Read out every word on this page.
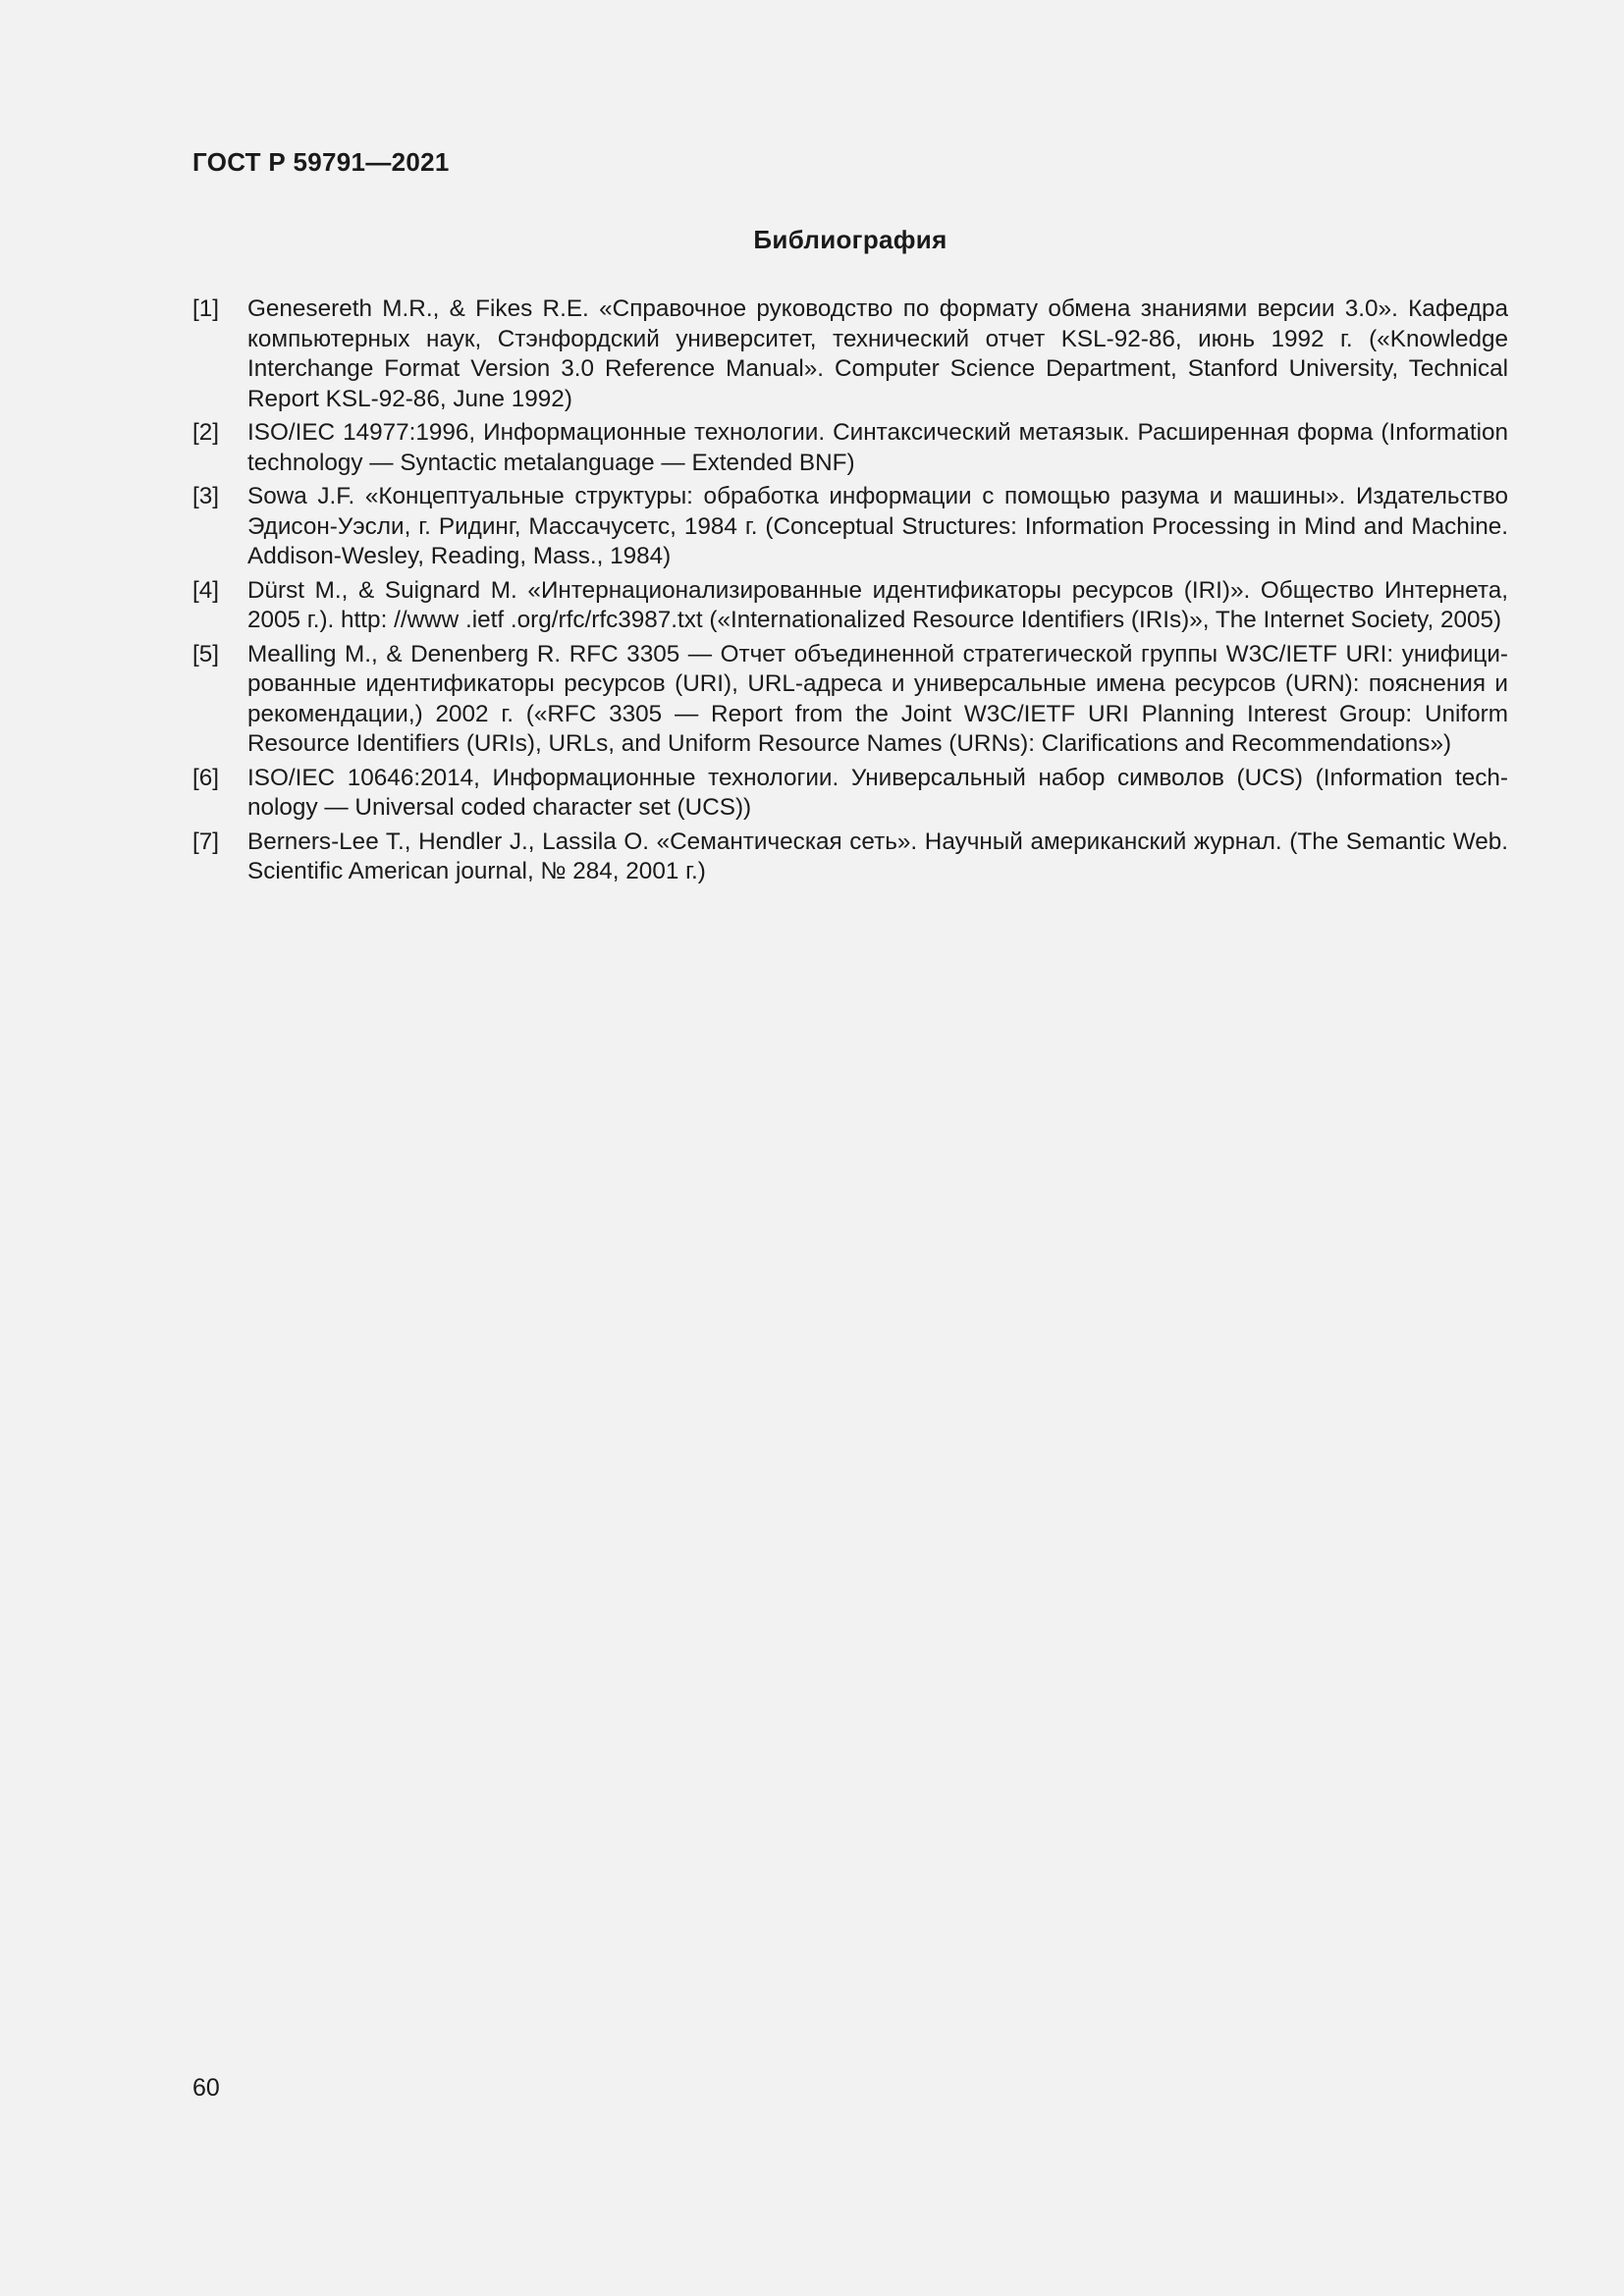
ГОСТ Р 59791—2021
Библиография
[1]	Genesereth M.R., & Fikes R.E. «Справочное руководство по формату обмена знаниями версии 3.0». Кафедра компьютерных наук, Стэнфордский университет, технический отчет KSL-92-86, июнь 1992 г. («Knowledge Interchange Format Version 3.0 Reference Manual». Computer Science Department, Stanford University, Technical Report KSL-92-86, June 1992)
[2]	ISO/IEC 14977:1996, Информационные технологии. Синтаксический метаязык. Расширенная форма (Information technology — Syntactic metalanguage — Extended BNF)
[3]	Sowa J.F. «Концептуальные структуры: обработка информации с помощью разума и машины». Издательство Эдисон-Уэсли, г. Ридинг, Массачусетс, 1984 г. (Conceptual Structures: Information Processing in Mind and Machine. Addison-Wesley, Reading, Mass., 1984)
[4]	Dürst M., & Suignard M. «Интернационализированные идентификаторы ресурсов (IRI)». Общество Интернета, 2005 г.). http: //www .ietf .org/rfc/rfc3987.txt («Internationalized Resource Identifiers (IRIs)», The Internet Society, 2005)
[5]	Mealling M., & Denenberg R. RFC 3305 — Отчет объединенной стратегической группы W3C/IETF URI: унифицированные идентификаторы ресурсов (URI), URL-адреса и универсальные имена ресурсов (URN): пояснения и рекомендации,) 2002 г. («RFC 3305 — Report from the Joint W3C/IETF URI Planning Interest Group: Uniform Resource Identifiers (URIs), URLs, and Uniform Resource Names (URNs): Clarifications and Recommendations»)
[6]	ISO/IEC 10646:2014, Информационные технологии. Универсальный набор символов (UCS) (Information technology — Universal coded character set (UCS))
[7]	Berners-Lee T., Hendler J., Lassila O. «Семантическая сеть». Научный американский журнал. (The Semantic Web. Scientific American journal, № 284, 2001 г.)
60
